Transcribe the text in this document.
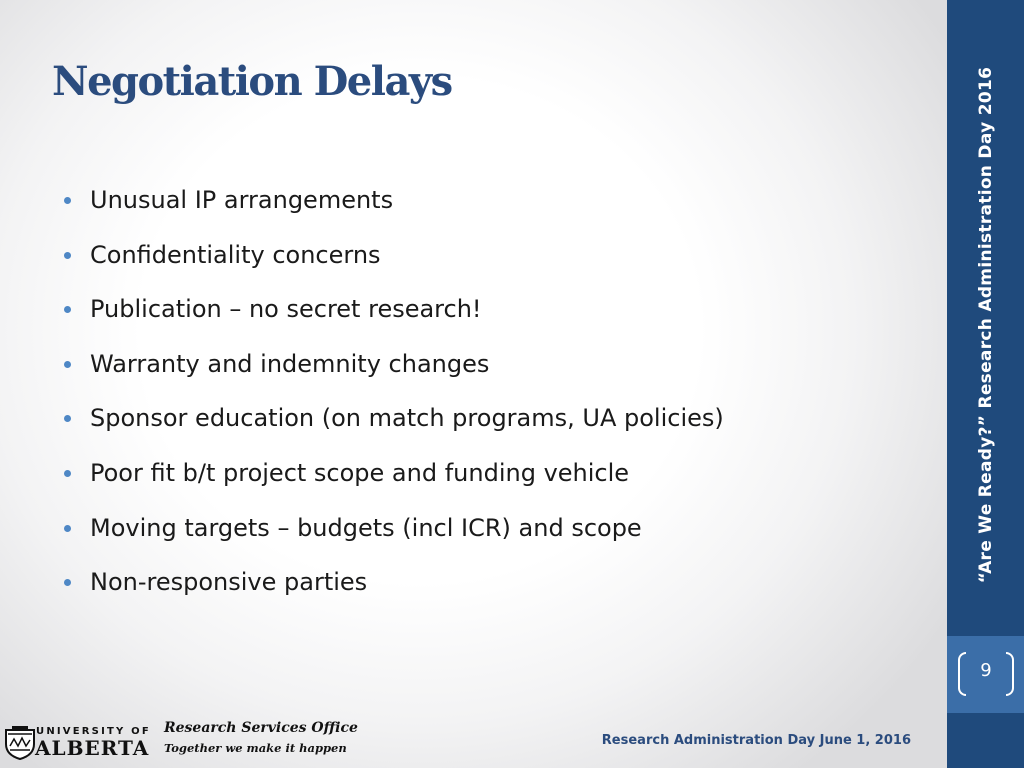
Negotiation Delays
Unusual IP arrangements
Confidentiality concerns
Publication – no secret research!
Warranty and indemnity changes
Sponsor education (on match programs, UA policies)
Poor fit b/t project scope and funding vehicle
Moving targets – budgets (incl ICR) and scope
Non-responsive parties	“Are We Ready?” Research Administration Day 2016
9
UNIVERSITY OF
ALBERTA
Research Services Office
Together we make it happen	Research Administration Day June 1, 2016
